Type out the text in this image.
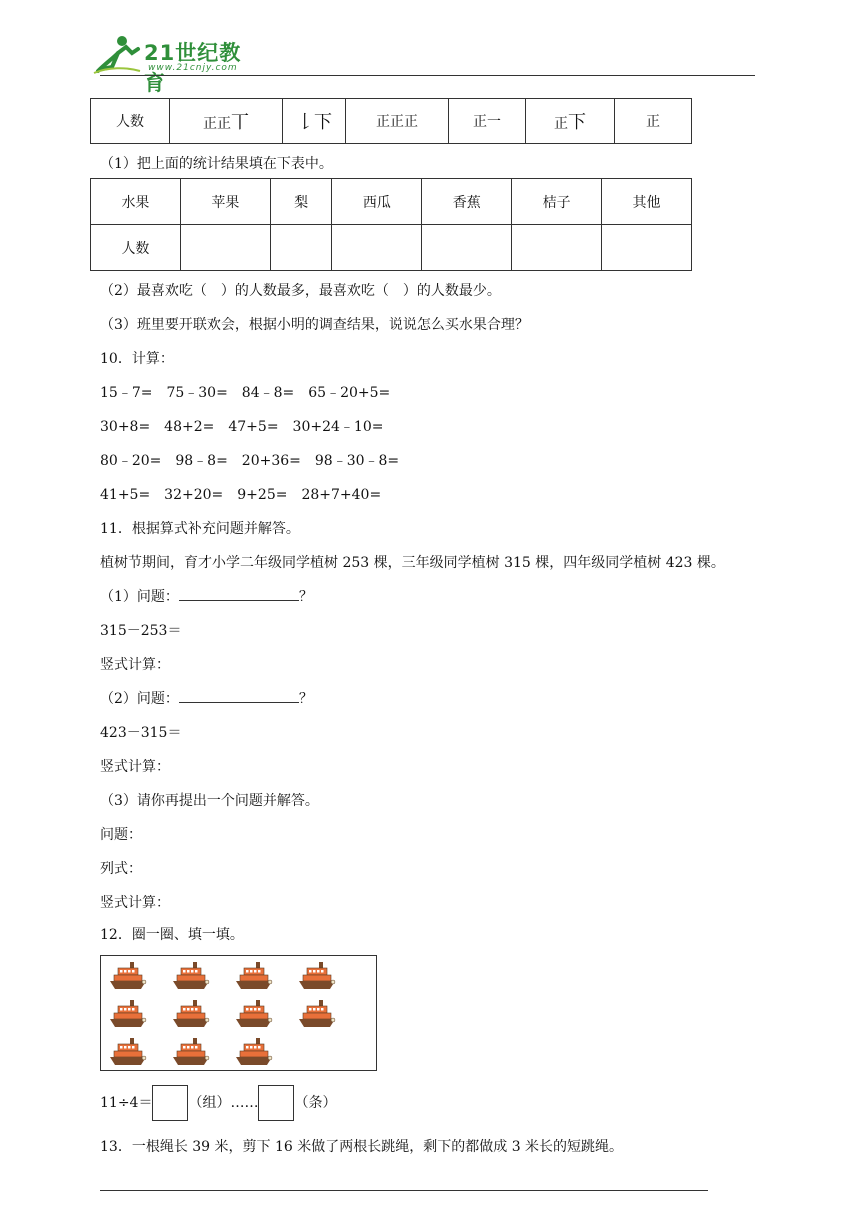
21世纪教育
www.21cnjy.com
人数	正正丅	𠄌下	正正正	正一	正下	正
（1）把上面的统计结果填在下表中。
水果	苹果	梨	西瓜	香蕉	桔子	其他
人数						
（2）最喜欢吃（　）的人数最多，最喜欢吃（　）的人数最少。
（3）班里要开联欢会，根据小明的调查结果，说说怎么买水果合理？
10．计算：
15﹣7=　75﹣30=　84﹣8=　65﹣20+5=
30+8=　48+2=　47+5=　30+24﹣10=
80﹣20=　98﹣8=　20+36=　98﹣30﹣8=
41+5=　32+20=　9+25=　28+7+40=
11．根据算式补充问题并解答。
植树节期间，育才小学二年级同学植树 253 棵，三年级同学植树 315 棵，四年级同学植树 423 棵。
（1）问题：	？
315－253＝
竖式计算：
（2）问题：	？
423－315＝
竖式计算：
（3）请你再提出一个问题并解答。
问题：
列式：
竖式计算：
12．圈一圈、填一填。
11÷4＝	（组）……	（条）
13．一根绳长 39 米，剪下 16 米做了两根长跳绳，剩下的都做成 3 米长的短跳绳。
